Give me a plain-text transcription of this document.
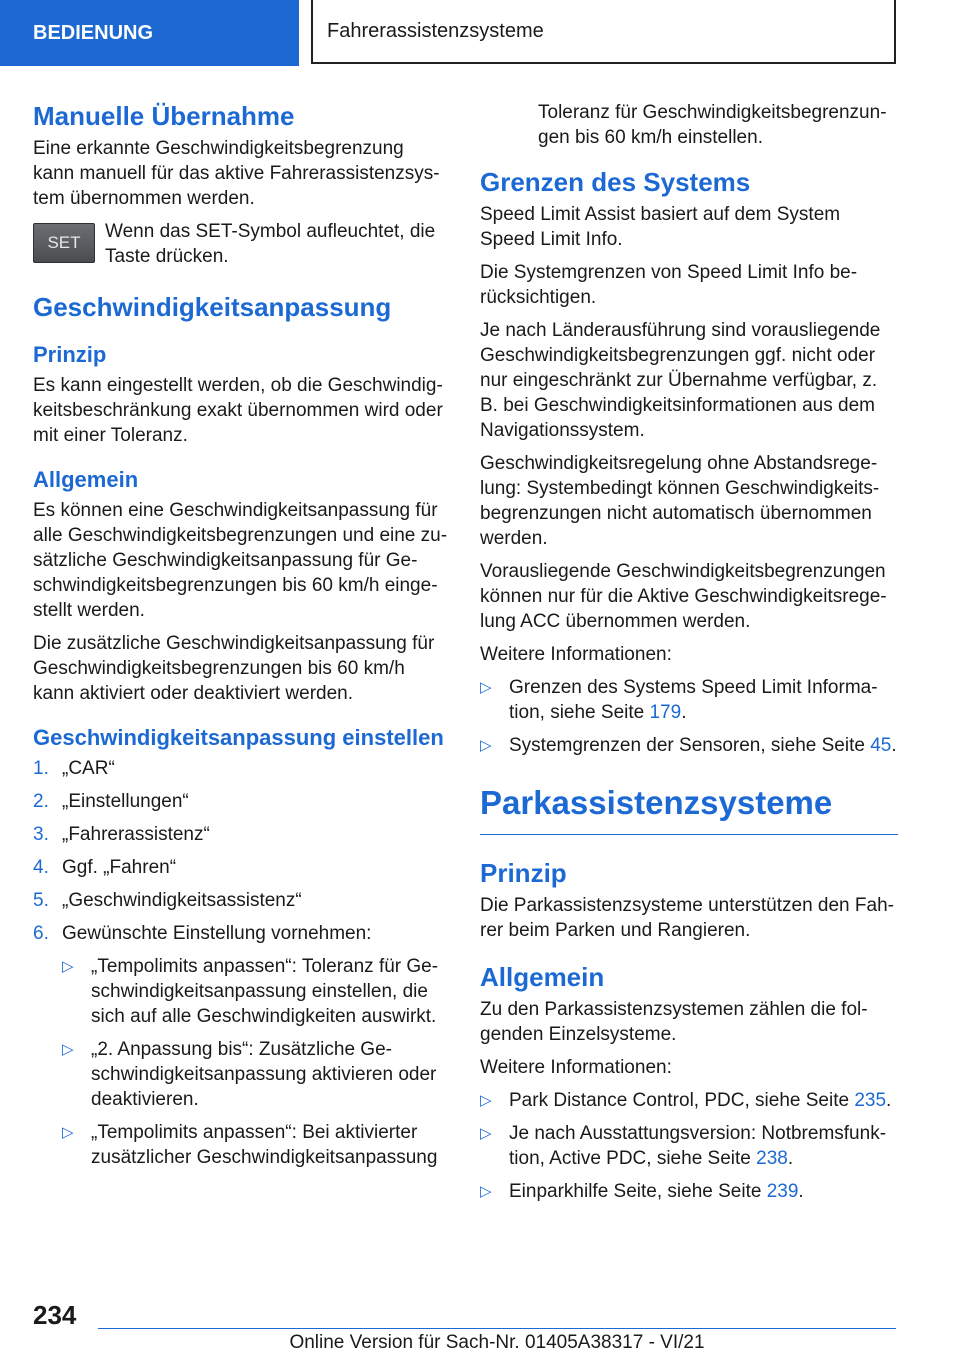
BEDIENUNG	Fahrerassistenzsysteme
Manuelle Übernahme

Eine erkannte Geschwindigkeitsbegrenzung kann manuell für das aktive Fahrerassistenzsystem übernommen werden.

SET

Wenn das SET-Symbol aufleuchtet, die Taste drücken.

Geschwindigkeitsanpassung
Prinzip

Es kann eingestellt werden, ob die Geschwindigkeitsbeschränkung exakt übernommen wird oder mit einer Toleranz.

Allgemein

Es können eine Geschwindigkeitsanpassung für alle Geschwindigkeitsbegrenzungen und eine zusätzliche Geschwindigkeitsanpassung für Geschwindigkeitsbegrenzungen bis 60 km/h eingestellt werden.

Die zusätzliche Geschwindigkeitsanpassung für Geschwindigkeitsbegrenzungen bis 60 km/h kann aktiviert oder deaktiviert werden.

Geschwindigkeitsanpassung einstellen
1. „CAR“
2. „Einstellungen“
3. „Fahrerassistenz“
4. Ggf. „Fahren“
5. „Geschwindigkeitsassistenz“
6. Gewünschte Einstellung vornehmen:
▷ „Tempolimits anpassen“: Toleranz für Geschwindigkeitsanpassung einstellen, die sich auf alle Geschwindigkeiten auswirkt.
▷ „2. Anpassung bis“: Zusätzliche Geschwindigkeitsanpassung aktivieren oder deaktivieren.
▷ „Tempolimits anpassen“: Bei aktivierter zusätzlicher Geschwindigkeitsanpassung

Toleranz für Geschwindigkeitsbegrenzungen bis 60 km/h einstellen.

Grenzen des Systems

Speed Limit Assist basiert auf dem System Speed Limit Info.

Die Systemgrenzen von Speed Limit Info berücksichtigen.

Je nach Länderausführung sind vorausliegende Geschwindigkeitsbegrenzungen ggf. nicht oder nur eingeschränkt zur Übernahme verfügbar, z. B. bei Geschwindigkeitsinformationen aus dem Navigationssystem.

Geschwindigkeitsregelung ohne Abstandsregelung: Systembedingt können Geschwindigkeitsbegrenzungen nicht automatisch übernommen werden.

Vorausliegende Geschwindigkeitsbegrenzungen können nur für die Aktive Geschwindigkeitsregelung ACC übernommen werden.

Weitere Informationen:

▷ Grenzen des Systems Speed Limit Information, siehe Seite 179.
▷ Systemgrenzen der Sensoren, siehe Seite 45.
Parkassistenzsysteme
Prinzip

Die Parkassistenzsysteme unterstützen den Fahrer beim Parken und Rangieren.

Allgemein

Zu den Parkassistenzsystemen zählen die folgenden Einzelsysteme.

Weitere Informationen:

▷ Park Distance Control, PDC, siehe Seite 235.
▷ Je nach Ausstattungsversion: Notbremsfunktion, Active PDC, siehe Seite 238.
▷ Einparkhilfe Seite, siehe Seite 239.
234
Online Version für Sach-Nr. 01405A38317 - VI/21
